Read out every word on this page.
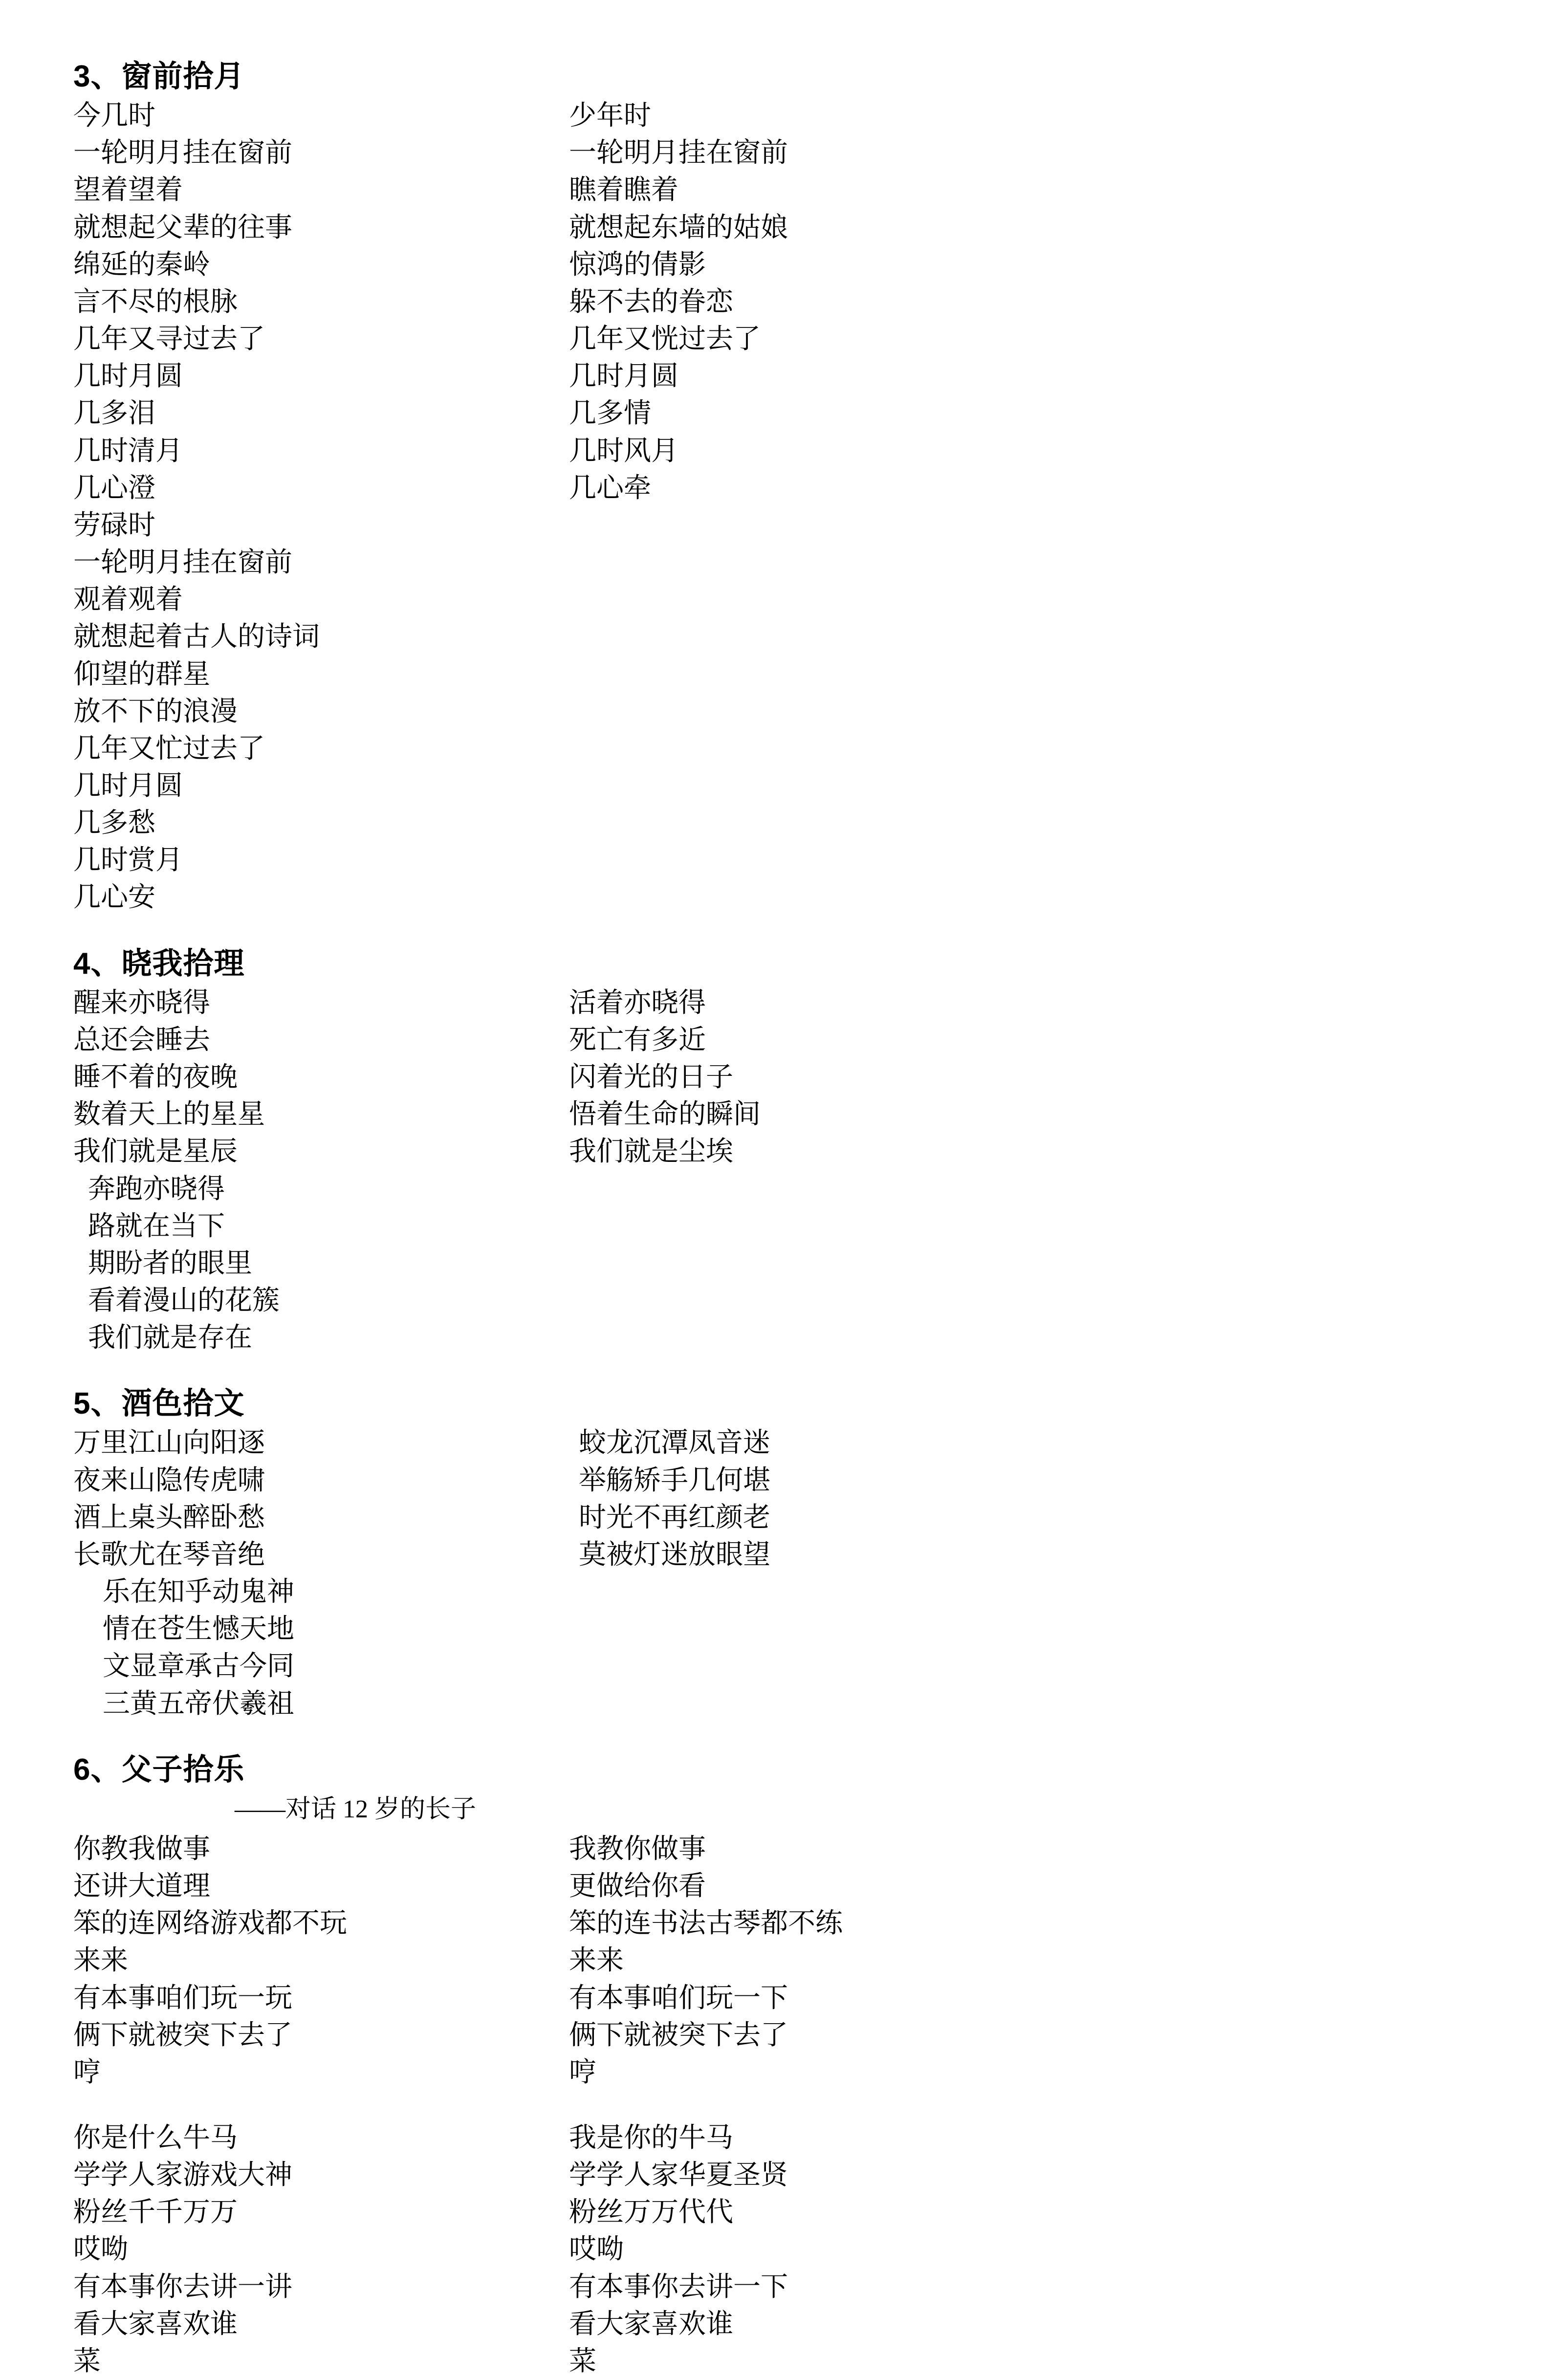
3、窗前拾月
今几时
一轮明月挂在窗前
望着望着
就想起父辈的往事
绵延的秦岭
言不尽的根脉
几年又寻过去了
几时月圆
几多泪
几时清月
几心澄

少年时
一轮明月挂在窗前
瞧着瞧着
就想起东墙的姑娘
惊鸿的倩影
躲不去的眷恋
几年又恍过去了
几时月圆
几多情
几时风月
几心牵

劳碌时
一轮明月挂在窗前
观着观着
就想起着古人的诗词
仰望的群星
放不下的浪漫
几年又忙过去了
几时月圆
几多愁
几时赏月
几心安
4、晓我拾理
醒来亦晓得
总还会睡去
睡不着的夜晚
数着天上的星星
我们就是星辰

活着亦晓得
死亡有多近
闪着光的日子
悟着生命的瞬间
我们就是尘埃

奔跑亦晓得
路就在当下
期盼者的眼里
看着漫山的花簇
我们就是存在
5、酒色拾文
万里江山向阳逐
夜来山隐传虎啸
酒上桌头醉卧愁
长歌尤在琴音绝

蛟龙沉潭凤音迷
举觞矫手几何堪
时光不再红颜老
莫被灯迷放眼望

乐在知乎动鬼神
情在苍生憾天地
文显章承古今同
三黄五帝伏羲祖
6、父子拾乐
——对话 12 岁的长子
你教我做事
还讲大道理
笨的连网络游戏都不玩
来来
有本事咱们玩一玩
俩下就被突下去了
哼
你是什么牛马
学学人家游戏大神
粉丝千千万万
哎呦
有本事你去讲一讲
看大家喜欢谁
菜

我教你做事
更做给你看
笨的连书法古琴都不练
来来
有本事咱们玩一下
俩下就被突下去了
哼
我是你的牛马
学学人家华夏圣贤
粉丝万万代代
哎呦
有本事你去讲一下
看大家喜欢谁
菜
